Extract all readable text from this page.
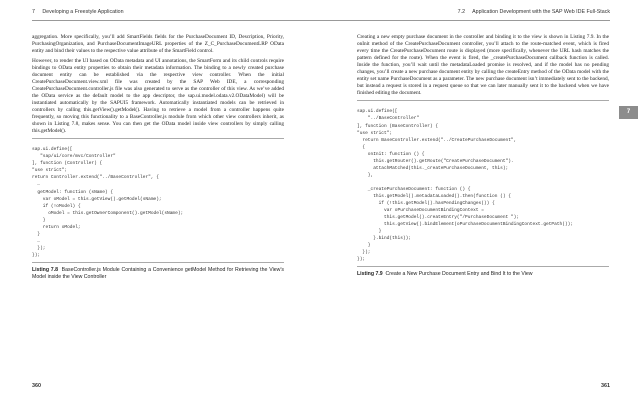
7 Developing a Freestyle Application

aggregation. More specifically, you’ll add SmartFields fields for the PurchaseDocument ID, Description, Priority, PurchasingOrganization, and PurchaseDocumentImageURL properties of the Z_C_PurchaseDocumentLRP OData entity and bind their values to the respective value attribute of the SmartField control.

However, to render the UI based on OData metadata and UI annotations, the SmartForm and its child controls require bindings to OData entity properties to obtain their metadata information. The binding to a newly created purchase document entity can be established via the respective view controller. When the initial CreatePurchaseDocument.view.xml file was created by the SAP Web IDE, a corresponding CreatePurchaseDocument.controller.js file was also generated to serve as the controller of this view. As we’ve added the OData service as the default model to the app descriptor, the sap.ui.model.odata.v2.ODataModel) will be instantiated automatically by the SAPUI5 framework. Automatically instantiated models can be retrieved in controllers by calling this.getView().getModel(). Having to retrieve a model from a controller happens quite frequently, so moving this functionality to a BaseController.js module from which other view controllers inherit, as shown in Listing 7.8, makes sense. You can then get the OData model inside view controllers by simply calling this.getModel().

sap.ui.define([
"sap/ui/core/mvc/Controller"
], function (Controller) {
"use strict";
return Controller.extend("../BaseController", {
…
getModel: function (sName) {
var oModel = this.getView().getModel(sName);
if (!oModel) {
oModel = this.getOwnerComponent().getModel(sName);
}
return oModel;
}
…
});
});
Listing 7.8 BaseController.js Module Containing a Convenience getModel Method for Retrieving the View’s Model inside the View Controller
360
7.2 Application Development with the SAP Web IDE Full-Stack

Creating a new empty purchase document in the controller and binding it to the view is shown in Listing 7.9. In the onInit method of the CreatePurchaseDocument controller, you’ll attach to the route-matched event, which is fired every time the CreatePurchaseDocument route is displayed (more specifically, whenever the URL hash matches the pattern defined for the route). When the event is fired, the _createPurchaseDocument callback function is called. Inside the function, you’ll wait until the metadataLoaded promise is resolved, and if the model has no pending changes, you’ll create a new purchase document entity by calling the createEntry method of the OData model with the entity set name PurchaseDocument as a parameter. The new purchase document isn’t immediately sent to the backend, but instead a request is stored in a request queue so that we can later manually sent it to the backend when we have finished editing the document.

sap.ui.define([
"../BaseController"
], function (BaseController) {
"use strict";
return BaseController.extend("../CreatePurchaseDocument",
{
onInit: function () {
this.getRouter().getRoute("CreatePurchaseDocument").
attachMatched(this._createPurchaseDocument, this);
},

_createPurchaseDocument: function () {
this.getModel().metadataLoaded().then(function () {
if (!this.getModel().hasPendingChanges()) {
var oPurchaseDocumentBindingContext =
this.getModel().createEntry("/PurchaseDocument ");
this.getView().bindElement(oPurchaseDocumentBindingContext.getPath());
}
}.bind(this));
}
});
});
Listing 7.9 Create a New Purchase Document Entry and Bind It to the View
361
7
